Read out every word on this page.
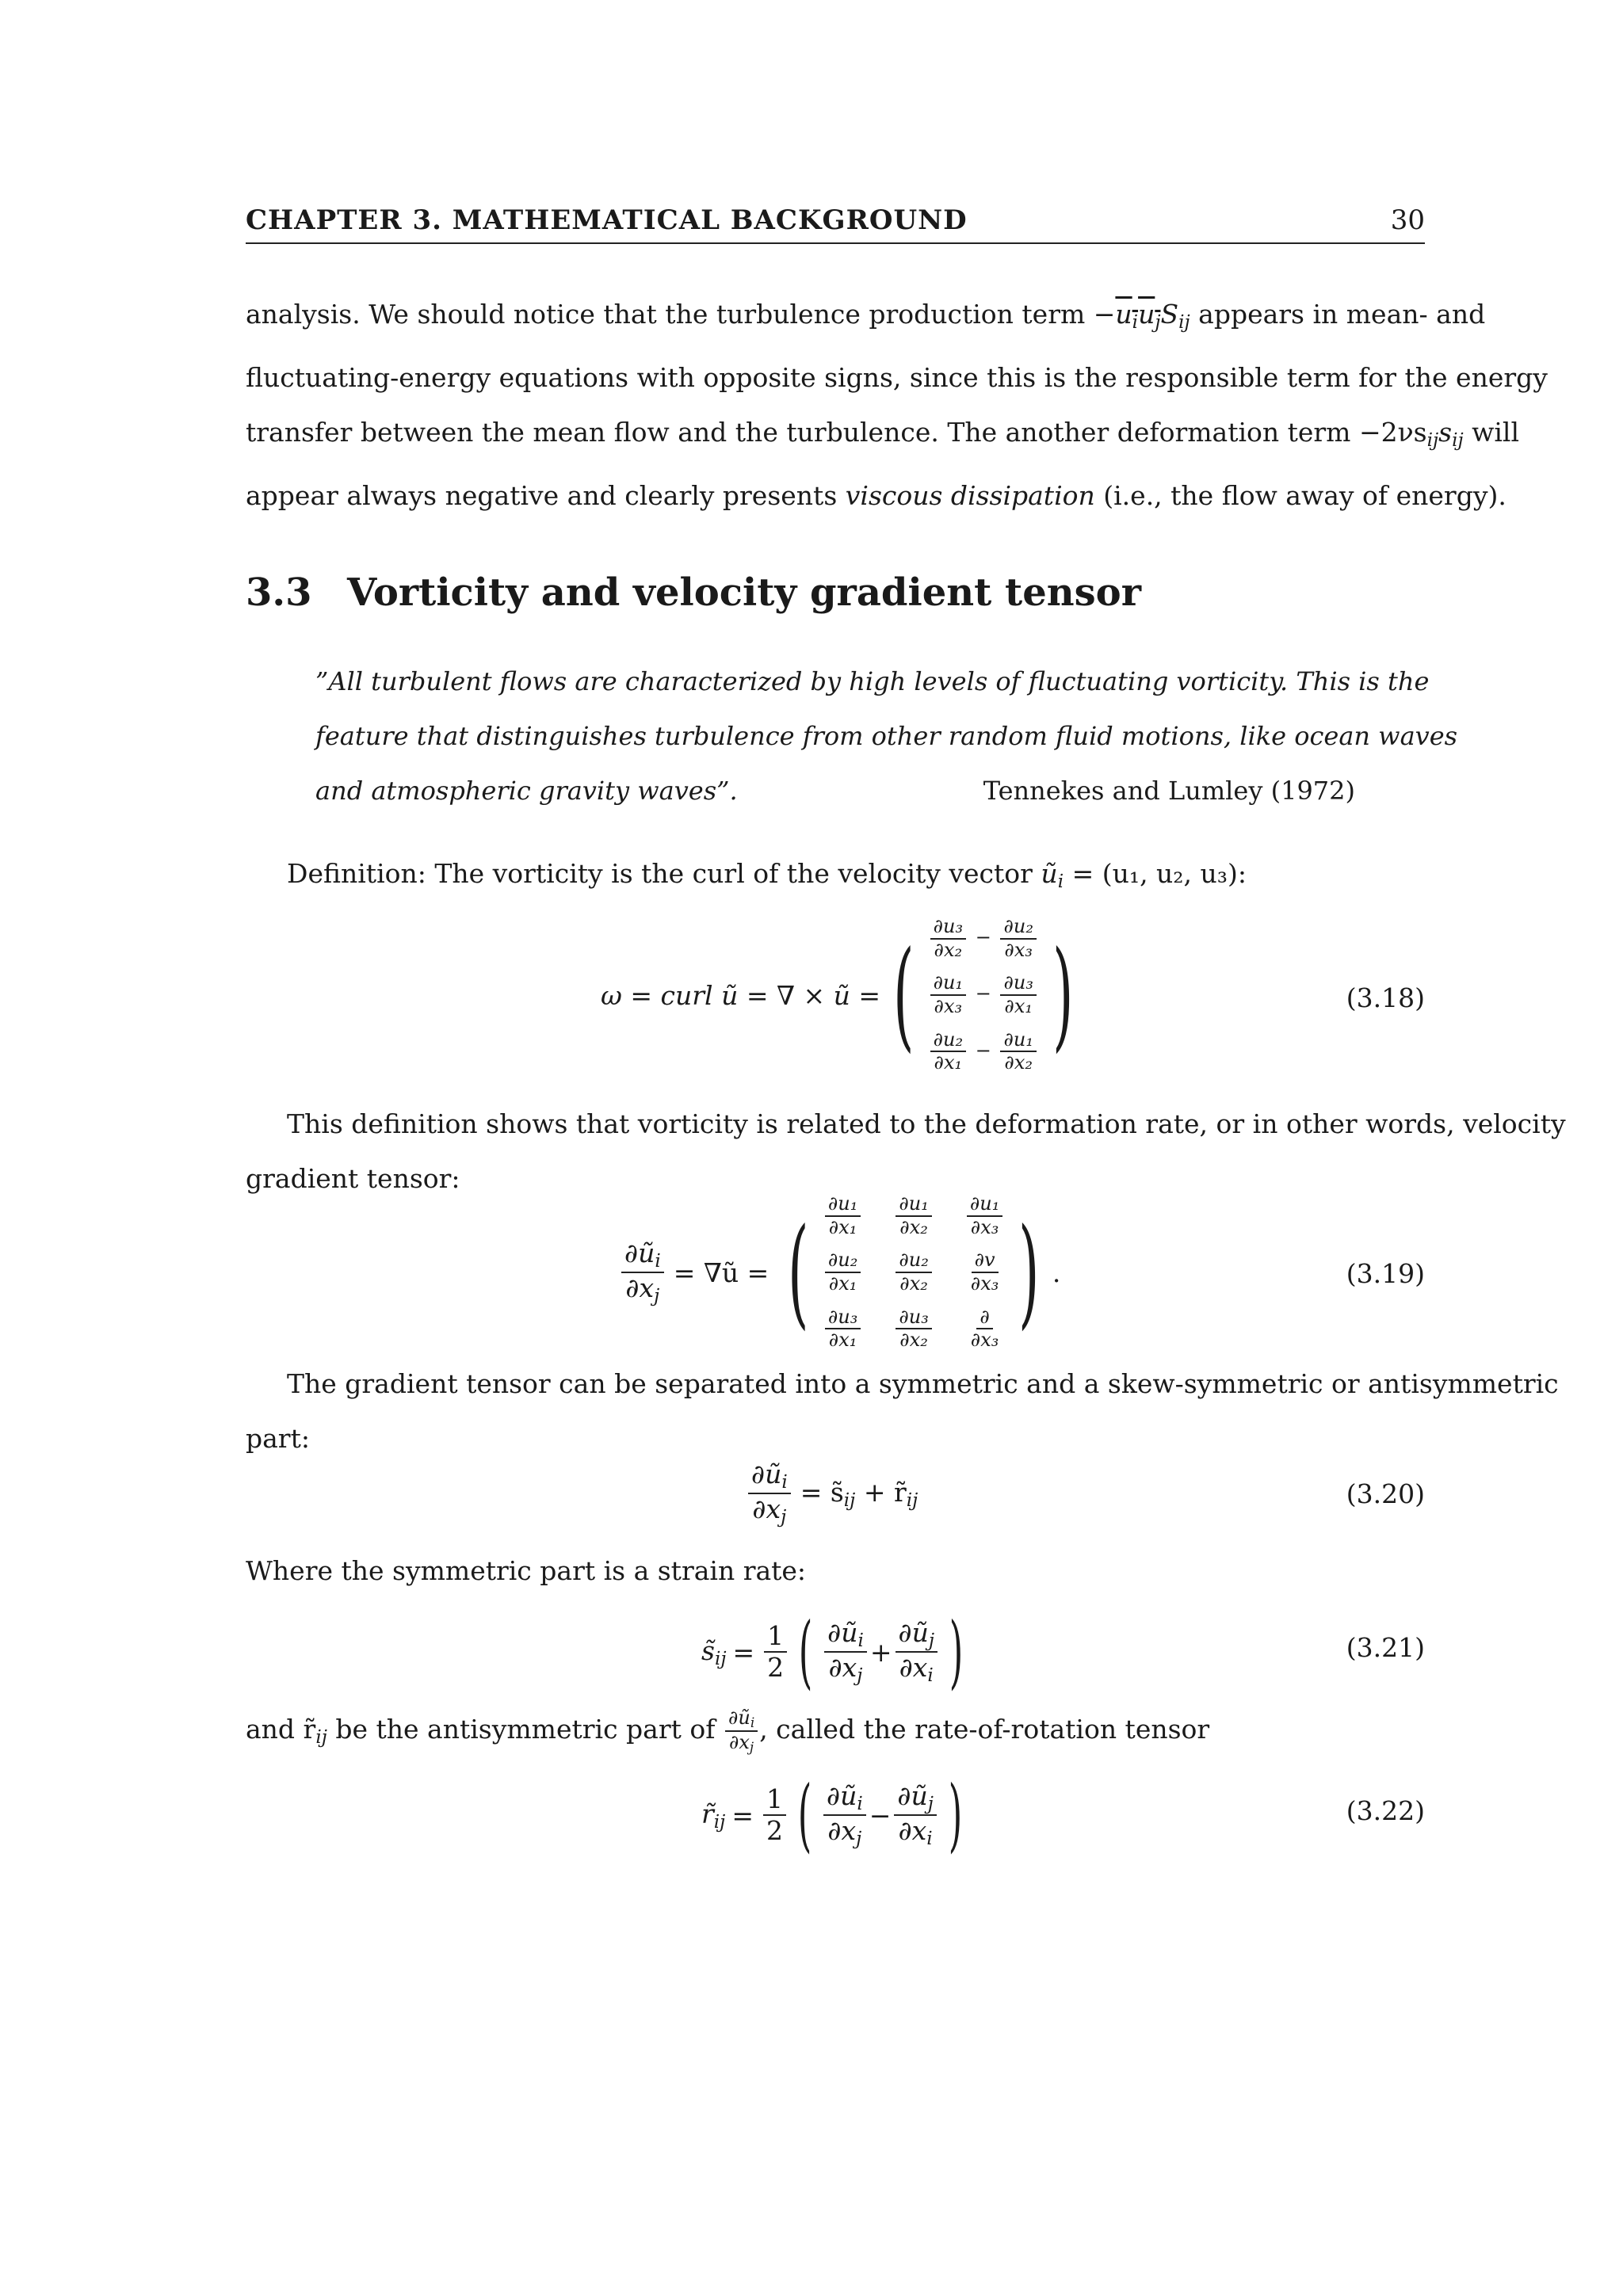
CHAPTER 3. MATHEMATICAL BACKGROUND	30
analysis. We should notice that the turbulence production term $-u_iu_jS_{ij}$ appears in mean- and
fluctuating-energy equations with opposite signs, since this is the responsible term for the energy
transfer between the mean flow and the turbulence. The another deformation term $-2\nu s_{ij}s_{ij}$ will
appear always negative and clearly presents viscous dissipation (i.e., the flow away of energy).
3.3 Vorticity and velocity gradient tensor
”All turbulent flows are characterized by high levels of fluctuating vorticity. This is the
feature that distinguishes turbulence from other random fluid motions, like ocean waves
and atmospheric gravity waves”.	Tennekes and Lumley (1972)
Definition: The vorticity is the curl of the velocity vector $ũ_i = (u_1$, u₂, u₃):
ω = curl ũ = ∇ × ũ = ( $\frac{\text{∂u₃}}{\text{∂x₂}} - \frac{\text{∂u₂}}{\text{∂x₃}}$
$\frac{\text{∂u₁}}{\text{∂x₃}} - \frac{\text{∂u₃}}{\text{∂x₁}}$
$\frac{\text{∂u₂}}{\text{∂x₁}} - \frac{\text{∂u₁}}{\text{∂x₂}}$ )	(3.18)
This definition shows that vorticity is related to the deformation rate, or in other words, velocity
gradient tensor:
$\frac{\partial ũ_i}{\partial x_j}$ = ∇ũ = ( $\frac{\text{∂u₁}}{\text{∂x₁}} \frac{\text{∂u₁}}{\text{∂x₂}} \frac{\text{∂u₁}}{\text{∂x₃}}$
$\frac{\text{∂u₂}}{\text{∂x₁}} \frac{\text{∂u₂}}{\text{∂x₂}} \frac{\partial v}{\text{∂x₃}}$
$\frac{\text{∂u₃}}{\text{∂x₁}} \frac{\text{∂u₃}}{\text{∂x₂}} \frac{\partial}{\text{∂x₃}}$ ) .	(3.19)
The gradient tensor can be separated into a symmetric and a skew-symmetric or antisymmetric
part:
$\frac{\partial ũ_i}{\partial x_j}$ = $s̃_{ij}$ + $r̃_{ij}$	(3.20)
Where the symmetric part is a strain rate:
$s̃_{ij} = \frac{1}{2}$ ( $\frac{\partial ũ_i}{\partial x_j} + \frac{\partial ũ_j}{\partial x_i}$ )	(3.21)
and $r̃_{ij}$ be the antisymmetric part of $\frac{\partial ũ_i}{\partial x_j}$ , called the rate-of-rotation tensor
$r̃_{ij} = \frac{1}{2}$ ( $\frac{\partial ũ_i}{\partial x_j} - \frac{\partial ũ_j}{\partial x_i}$ )	(3.22)
